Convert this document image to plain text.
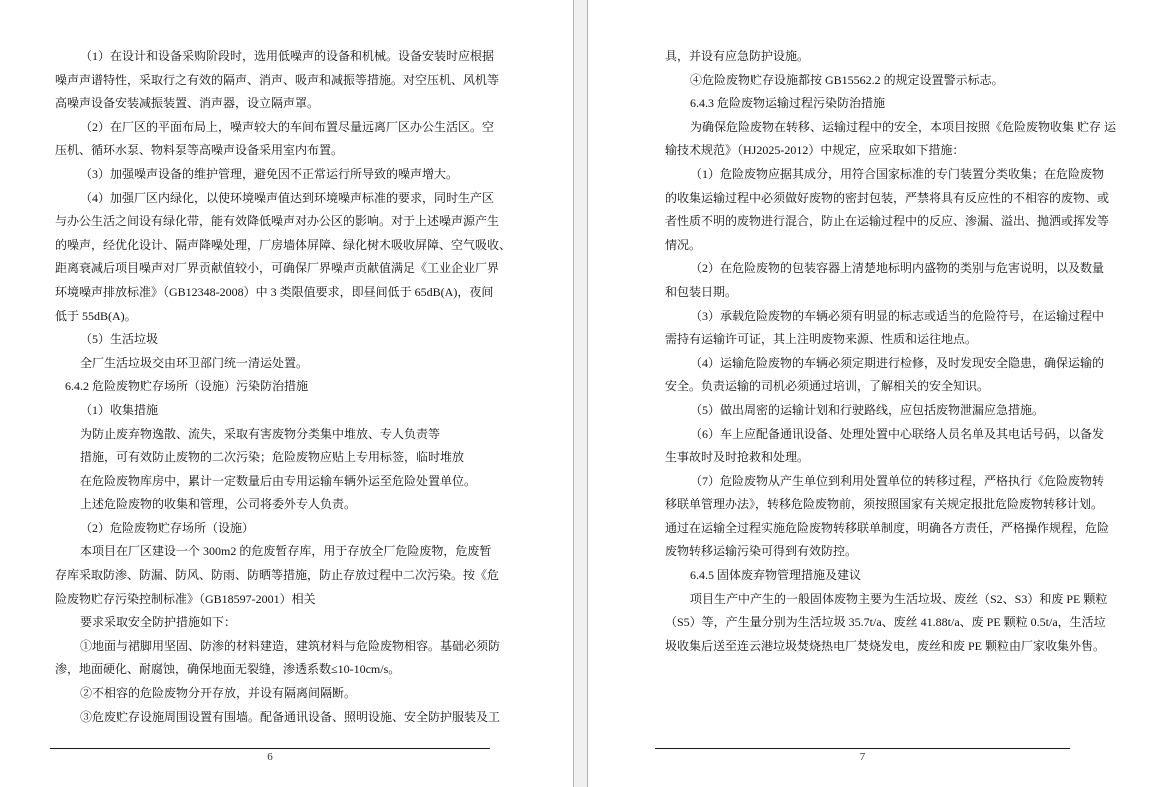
（1）在设计和设备采购阶段时，选用低噪声的设备和机械。设备安装时应根据
噪声声谱特性，采取行之有效的隔声、消声、吸声和减振等措施。对空压机、风机等
高噪声设备安装减振装置、消声器，设立隔声罩。
（2）在厂区的平面布局上，噪声较大的车间布置尽量远离厂区办公生活区。空
压机、循环水泵、物料泵等高噪声设备采用室内布置。
（3）加强噪声设备的维护管理，避免因不正常运行所导致的噪声增大。
（4）加强厂区内绿化，以使环境噪声值达到环境噪声标准的要求，同时生产区
与办公生活之间设有绿化带，能有效降低噪声对办公区的影响。对于上述噪声源产生
的噪声，经优化设计、隔声降噪处理，厂房墙体屏障、绿化树木吸收屏障、空气吸收、
距离衰减后项目噪声对厂界贡献值较小，可确保厂界噪声贡献值满足《工业企业厂界
环境噪声排放标准》（GB12348-2008）中 3 类限值要求，即昼间低于 65dB(A)，夜间
低于 55dB(A)。
（5）生活垃圾
全厂生活垃圾交由环卫部门统一清运处置。
6.4.2 危险废物贮存场所（设施）污染防治措施
（1）收集措施
为防止废弃物逸散、流失，采取有害废物分类集中堆放、专人负责等
措施，可有效防止废物的二次污染；危险废物应贴上专用标签，临时堆放
在危险废物库房中，累计一定数量后由专用运输车辆外运至危险处置单位。
上述危险废物的收集和管理，公司将委外专人负责。
（2）危险废物贮存场所（设施）
本项目在厂区建设一个 300m2 的危废暂存库，用于存放全厂危险废物，危废暂
存库采取防渗、防漏、防风、防雨、防晒等措施，防止存放过程中二次污染。按《危
险废物贮存污染控制标准》（GB18597-2001）相关
要求采取安全防护措施如下：
①地面与裙脚用坚固、防渗的材料建造，建筑材料与危险废物相容。基础必须防
渗，地面硬化、耐腐蚀，确保地面无裂缝，渗透系数≤10-10cm/s。
②不相容的危险废物分开存放，并设有隔离间隔断。
③危废贮存设施周围设置有围墙。配备通讯设备、照明设施、安全防护服装及工
6
具，并设有应急防护设施。
④危险废物贮存设施都按 GB15562.2 的规定设置警示标志。
6.4.3 危险废物运输过程污染防治措施
为确保危险废物在转移、运输过程中的安全，本项目按照《危险废物收集 贮存 运
输技术规范》（HJ2025-2012）中规定，应采取如下措施：
（1）危险废物应据其成分，用符合国家标准的专门装置分类收集；在危险废物
的收集运输过程中必须做好废物的密封包装，严禁将具有反应性的不相容的废物、或
者性质不明的废物进行混合，防止在运输过程中的反应、渗漏、溢出、抛洒或挥发等
情况。
（2）在危险废物的包装容器上清楚地标明内盛物的类别与危害说明，以及数量
和包装日期。
（3）承载危险废物的车辆必须有明显的标志或适当的危险符号，在运输过程中
需持有运输许可证，其上注明废物来源、性质和运往地点。
（4）运输危险废物的车辆必须定期进行检修，及时发现安全隐患，确保运输的
安全。负责运输的司机必须通过培训，了解相关的安全知识。
（5）做出周密的运输计划和行驶路线，应包括废物泄漏应急措施。
（6）车上应配备通讯设备、处理处置中心联络人员名单及其电话号码，以备发
生事故时及时抢救和处理。
（7）危险废物从产生单位到利用处置单位的转移过程，严格执行《危险废物转
移联单管理办法》，转移危险废物前，须按照国家有关规定报批危险废物转移计划。
通过在运输全过程实施危险废物转移联单制度，明确各方责任，严格操作规程，危险
废物转移运输污染可得到有效防控。
6.4.5 固体废弃物管理措施及建议
项目生产中产生的一般固体废物主要为生活垃圾、废丝（S2、S3）和废 PE 颗粒
（S5）等，产生量分别为生活垃圾 35.7t/a、废丝 41.88t/a、废 PE 颗粒 0.5t/a，生活垃
圾收集后送至连云港垃圾焚烧热电厂焚烧发电，废丝和废 PE 颗粒由厂家收集外售。
7
